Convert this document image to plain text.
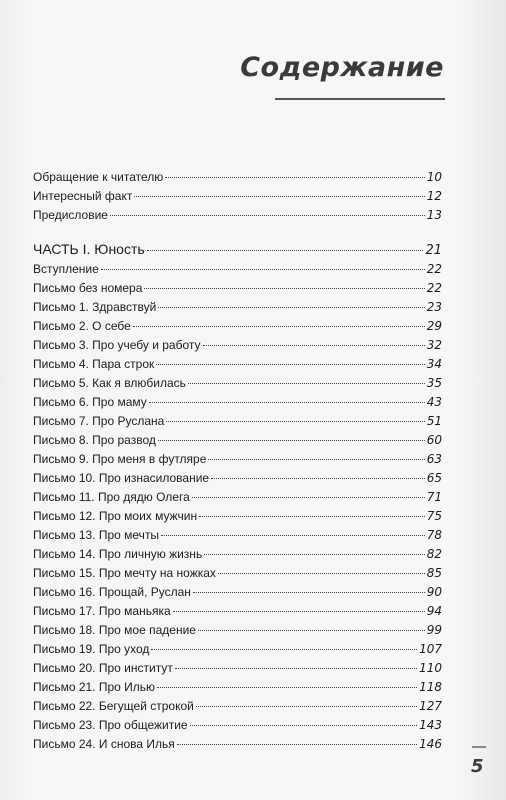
Содержание
Обращение к читателю	10
Интересный факт	12
Предисловие	13
ЧАСТЬ I. Юность	21
Вступление	22
Письмо без номера	22
Письмо 1. Здравствуй	23
Письмо 2. О себе	29
Письмо 3. Про учебу и работу	32
Письмо 4. Пара строк	34
Письмо 5. Как я влюбилась	35
Письмо 6. Про маму	43
Письмо 7. Про Руслана	51
Письмо 8. Про развод	60
Письмо 9. Про меня в футляре	63
Письмо 10. Про изнасилование	65
Письмо 11. Про дядю Олега	71
Письмо 12. Про моих мужчин	75
Письмо 13. Про мечты	78
Письмо 14. Про личную жизнь	82
Письмо 15. Про мечту на ножках	85
Письмо 16. Прощай, Руслан	90
Письмо 17. Про маньяка	94
Письмо 18. Про мое падение	99
Письмо 19. Про уход	107
Письмо 20. Про институт	110
Письмо 21. Про Илью	118
Письмо 22. Бегущей строкой	127
Письмо 23. Про общежитие	143
Письмо 24. И снова Илья	146
5
